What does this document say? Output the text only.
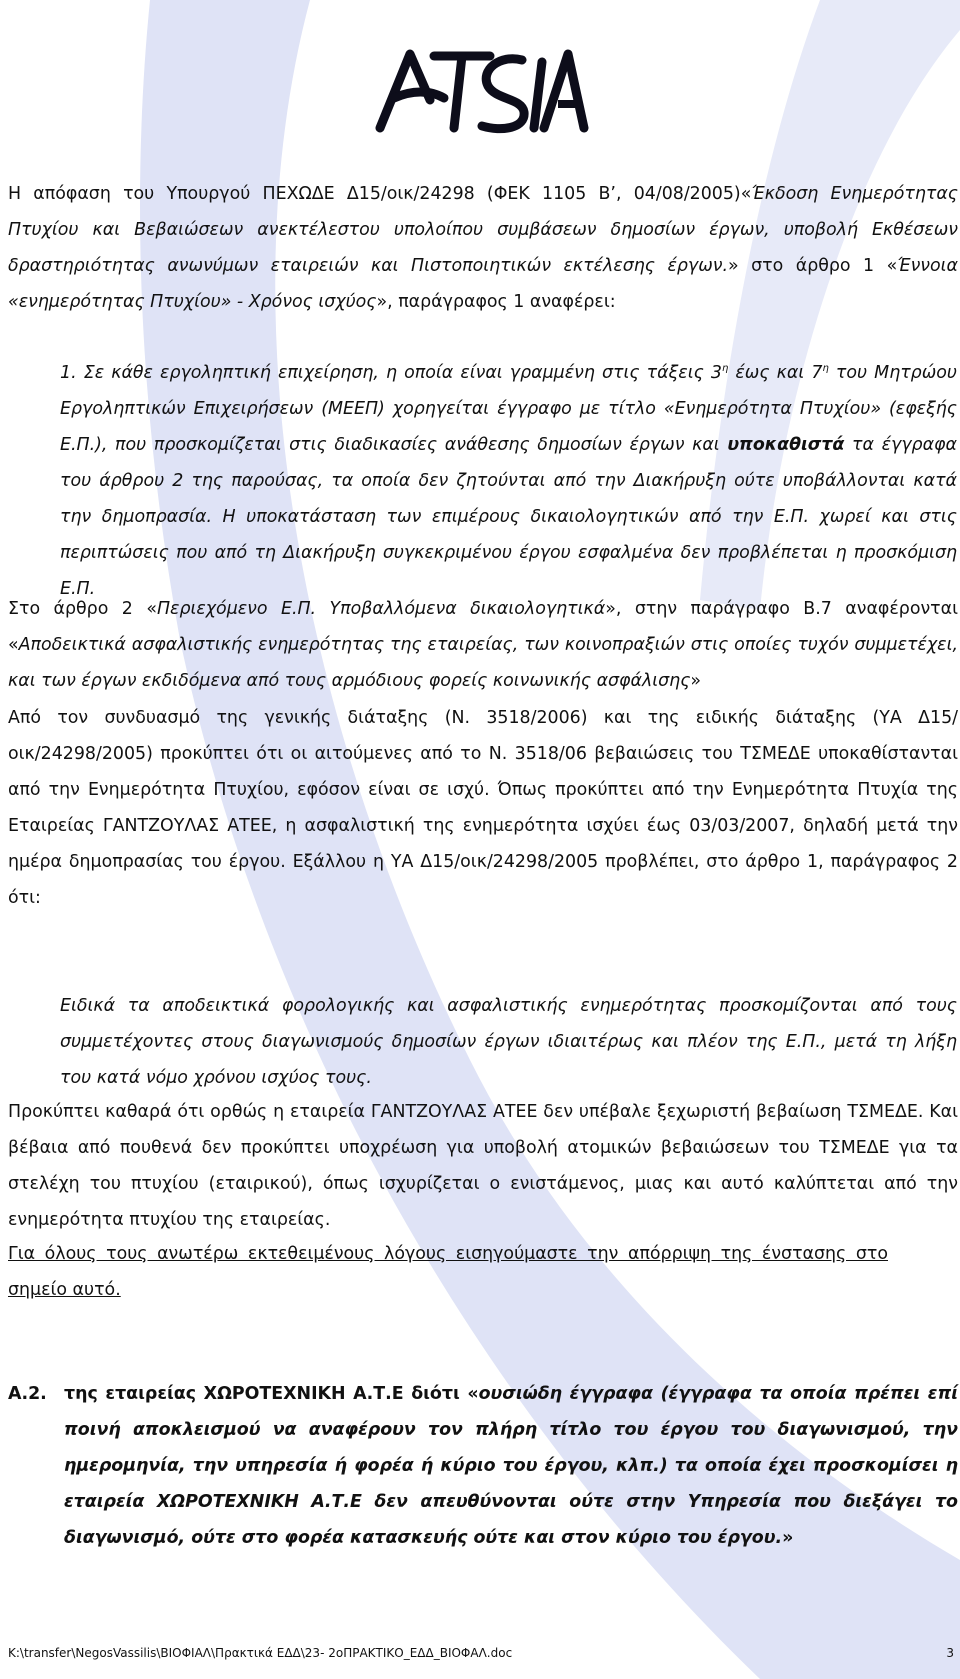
Η απόφαση του Υπουργού ΠΕΧΩΔΕ Δ15/οικ/24298 (ΦΕΚ 1105 Β’, 04/08/2005)«Έκδοση Ενημερότητας Πτυχίου και Βεβαιώσεων ανεκτέλεστου υπολοίπου συμβάσεων δημοσίων έργων, υποβολή Εκθέσεων δραστηριότητας ανωνύμων εταιρειών και Πιστοποιητικών εκτέλεσης έργων.» στο άρθρο 1 «Έννοια «ενημερότητας Πτυχίου» - Χρόνος ισχύος», παράγραφος 1 αναφέρει:

1. Σε κάθε εργοληπτική επιχείρηση, η οποία είναι γραμμένη στις τάξεις $3^\eta$ έως και $7^\eta$ του Μητρώου Εργοληπτικών Επιχειρήσεων (ΜΕΕΠ) χορηγείται έγγραφο με τίτλο «Ενημερότητα Πτυχίου» (εφεξής Ε.Π.), που προσκομίζεται στις διαδικασίες ανάθεσης δημοσίων έργων και υποκαθιστά τα έγγραφα του άρθρου 2 της παρούσας, τα οποία δεν ζητούνται από την Διακήρυξη ούτε υποβάλλονται κατά την δημοπρασία. Η υποκατάσταση των επιμέρους δικαιολογητικών από την Ε.Π. χωρεί και στις περιπτώσεις που από τη Διακήρυξη συγκεκριμένου έργου εσφαλμένα δεν προβλέπεται η προσκόμιση Ε.Π.

Στο άρθρο 2 «Περιεχόμενο Ε.Π. Υποβαλλόμενα δικαιολογητικά», στην παράγραφο Β.7 αναφέρονται «Αποδεικτικά ασφαλιστικής ενημερότητας της εταιρείας, των κοινοπραξιών στις οποίες τυχόν συμμετέχει, και των έργων εκδιδόμενα από τους αρμόδιους φορείς κοινωνικής ασφάλισης»

Από τον συνδυασμό της γενικής διάταξης (Ν. 3518/2006) και της ειδικής διάταξης (ΥΑ Δ15/οικ/24298/2005) προκύπτει ότι οι αιτούμενες από το Ν. 3518/06 βεβαιώσεις του ΤΣΜΕΔΕ υποκαθίστανται από την Ενημερότητα Πτυχίου, εφόσον είναι σε ισχύ. Όπως προκύπτει από την Ενημερότητα Πτυχία της Εταιρείας ΓΑΝΤΖΟΥΛΑΣ ΑΤΕΕ, η ασφαλιστική της ενημερότητα ισχύει έως 03/03/2007, δηλαδή μετά την ημέρα δημοπρασίας του έργου. Εξάλλου η ΥΑ Δ15/οικ/24298/2005 προβλέπει, στο άρθρο 1, παράγραφος 2 ότι:

Ειδικά τα αποδεικτικά φορολογικής και ασφαλιστικής ενημερότητας προσκομίζονται από τους συμμετέχοντες στους διαγωνισμούς δημοσίων έργων ιδιαιτέρως και πλέον της Ε.Π., μετά τη λήξη του κατά νόμο χρόνου ισχύος τους.

Προκύπτει καθαρά ότι ορθώς η εταιρεία ΓΑΝΤΖΟΥΛΑΣ ΑΤΕΕ δεν υπέβαλε ξεχωριστή βεβαίωση ΤΣΜΕΔΕ. Και βέβαια από πουθενά δεν προκύπτει υποχρέωση για υποβολή ατομικών βεβαιώσεων του ΤΣΜΕΔΕ για τα στελέχη του πτυχίου (εταιρικού), όπως ισχυρίζεται ο ενιστάμενος, μιας και αυτό καλύπτεται από την ενημερότητα πτυχίου της εταιρείας.

Για όλους τους ανωτέρω εκτεθειμένους λόγους εισηγούμαστε την απόρριψη της ένστασης στο σημείο αυτό.

Α.2. της εταιρείας ΧΩΡΟΤΕΧΝΙΚΗ Α.Τ.Ε διότι «ουσιώδη έγγραφα (έγγραφα τα οποία πρέπει επί ποινή αποκλεισμού να αναφέρουν τον πλήρη τίτλο του έργου του διαγωνισμού, την ημερομηνία, την υπηρεσία ή φορέα ή κύριο του έργου, κλπ.) τα οποία έχει προσκομίσει η εταιρεία ΧΩΡΟΤΕΧΝΙΚΗ Α.Τ.Ε δεν απευθύνονται ούτε στην Υπηρεσία που διεξάγει το διαγωνισμό, ούτε στο φορέα κατασκευής ούτε και στον κύριο του έργου.»
K:\transfer\NegosVassilis\ΒΙΟΦΙΑΛ\Πρακτικά ΕΔΔ\23- 2οΠΡΑΚΤΙΚΟ_ΕΔΔ_ΒΙΟΦΑΛ.doc	3
